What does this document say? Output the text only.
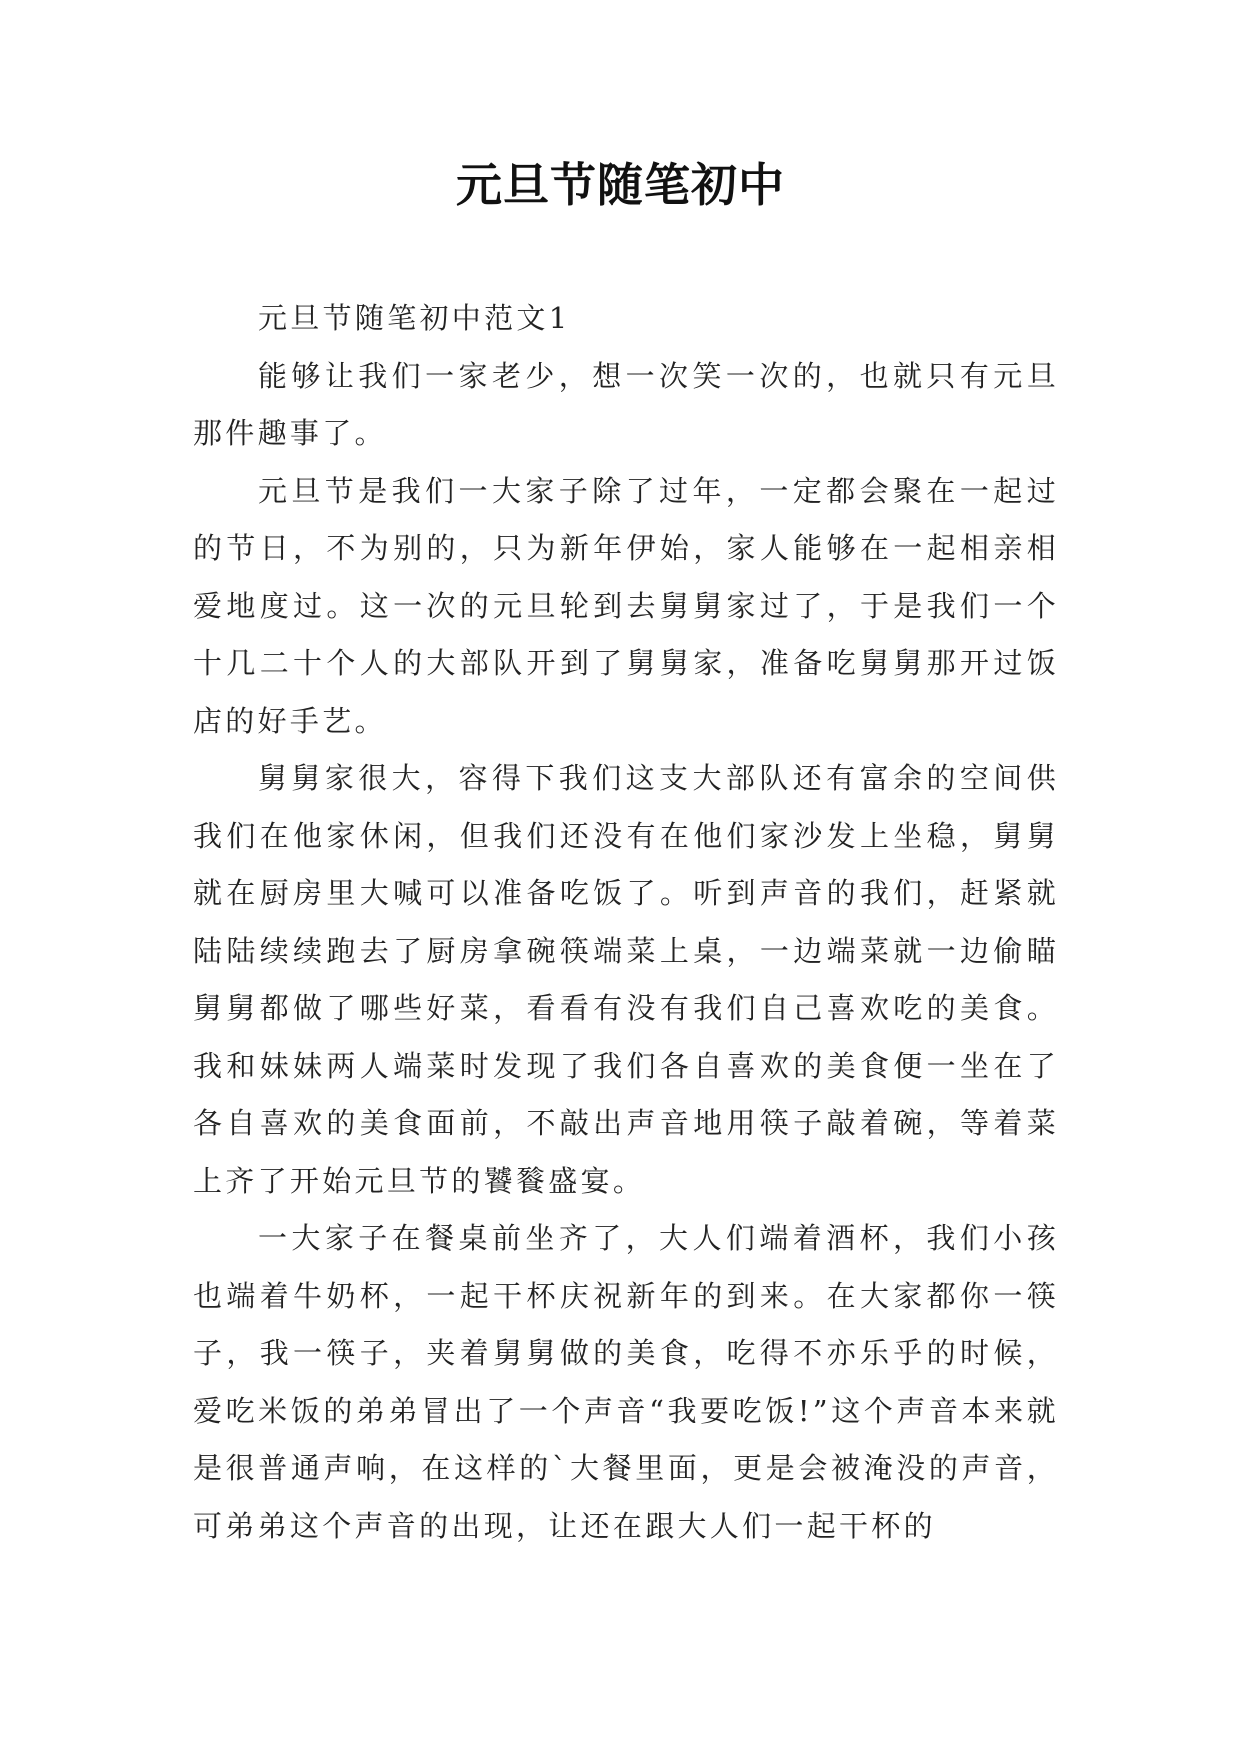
元旦节随笔初中

元旦节随笔初中范文1

能够让我们一家老少，想一次笑一次的，也就只有元旦那件趣事了。

元旦节是我们一大家子除了过年，一定都会聚在一起过的节日，不为别的，只为新年伊始，家人能够在一起相亲相爱地度过。这一次的元旦轮到去舅舅家过了，于是我们一个十几二十个人的大部队开到了舅舅家，准备吃舅舅那开过饭店的好手艺。

舅舅家很大，容得下我们这支大部队还有富余的空间供我们在他家休闲，但我们还没有在他们家沙发上坐稳，舅舅就在厨房里大喊可以准备吃饭了。听到声音的我们，赶紧就陆陆续续跑去了厨房拿碗筷端菜上桌，一边端菜就一边偷瞄舅舅都做了哪些好菜，看看有没有我们自己喜欢吃的美食。我和妹妹两人端菜时发现了我们各自喜欢的美食便一坐在了各自喜欢的美食面前，不敲出声音地用筷子敲着碗，等着菜上齐了开始元旦节的饕餮盛宴。

一大家子在餐桌前坐齐了，大人们端着酒杯，我们小孩也端着牛奶杯，一起干杯庆祝新年的到来。在大家都你一筷子，我一筷子，夹着舅舅做的美食，吃得不亦乐乎的时候，爱吃米饭的弟弟冒出了一个声音“我要吃饭!”这个声音本来就是很普通声响，在这样的`大餐里面，更是会被淹没的声音，可弟弟这个声音的出现，让还在跟大人们一起干杯的
